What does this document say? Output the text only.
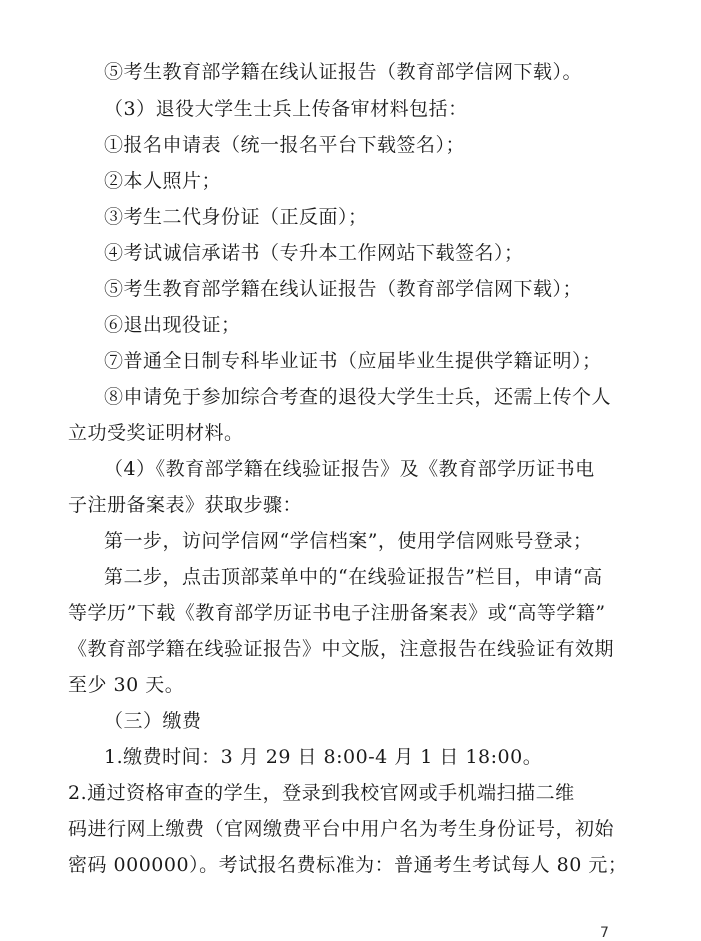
⑤考生教育部学籍在线认证报告（教育部学信网下载）。
（3）退役大学生士兵上传备审材料包括：
①报名申请表（统一报名平台下载签名）；
②本人照片；
③考生二代身份证（正反面）；
④考试诚信承诺书（专升本工作网站下载签名）；
⑤考生教育部学籍在线认证报告（教育部学信网下载）；
⑥退出现役证；
⑦普通全日制专科毕业证书（应届毕业生提供学籍证明）；
⑧申请免于参加综合考查的退役大学生士兵，还需上传个人
立功受奖证明材料。
（4）《教育部学籍在线验证报告》及《教育部学历证书电
子注册备案表》获取步骤：
第一步，访问学信网“学信档案”，使用学信网账号登录；
第二步，点击顶部菜单中的“在线验证报告”栏目，申请“高
等学历”下载《教育部学历证书电子注册备案表》或“高等学籍”
《教育部学籍在线验证报告》中文版，注意报告在线验证有效期
至少 30 天。
（三）缴费
1.缴费时间：3 月 29 日 8:00-4 月 1 日 18:00。
2.通过资格审查的学生，登录到我校官网或手机端扫描二维
码进行网上缴费（官网缴费平台中用户名为考生身份证号，初始
密码 000000）。考试报名费标准为：普通考生考试每人 80 元；
7
